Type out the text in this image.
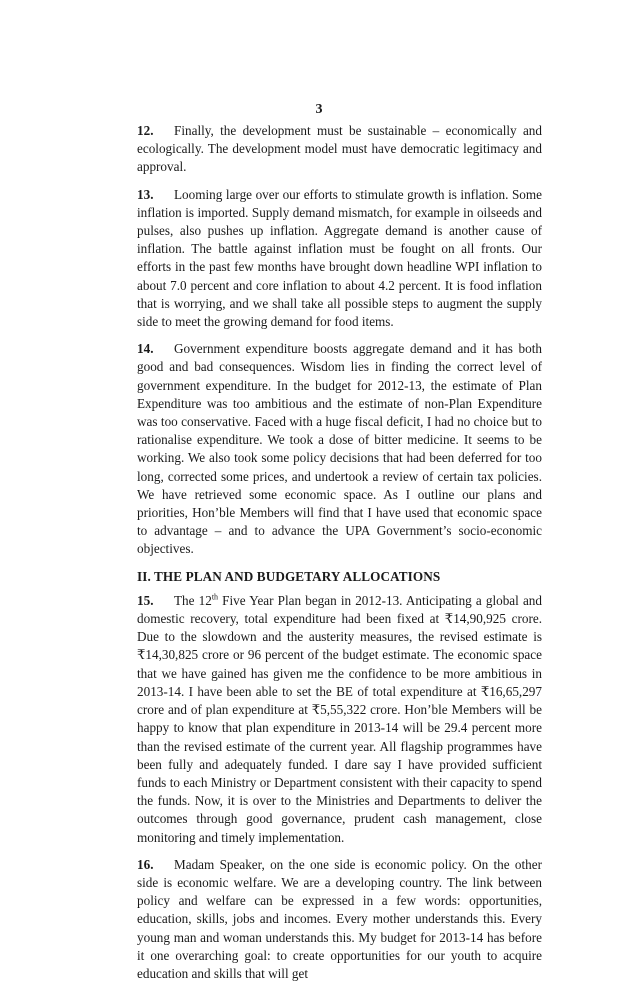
3

12. Finally, the development must be sustainable – economically and ecologically. The development model must have democratic legitimacy and approval.

13. Looming large over our efforts to stimulate growth is inflation. Some inflation is imported. Supply demand mismatch, for example in oilseeds and pulses, also pushes up inflation. Aggregate demand is another cause of inflation. The battle against inflation must be fought on all fronts. Our efforts in the past few months have brought down headline WPI inflation to about 7.0 percent and core inflation to about 4.2 percent. It is food inflation that is worrying, and we shall take all possible steps to augment the supply side to meet the growing demand for food items.

14. Government expenditure boosts aggregate demand and it has both good and bad consequences. Wisdom lies in finding the correct level of government expenditure. In the budget for 2012-13, the estimate of Plan Expenditure was too ambitious and the estimate of non-Plan Expenditure was too conservative. Faced with a huge fiscal deficit, I had no choice but to rationalise expenditure. We took a dose of bitter medicine. It seems to be working. We also took some policy decisions that had been deferred for too long, corrected some prices, and undertook a review of certain tax policies. We have retrieved some economic space. As I outline our plans and priorities, Hon’ble Members will find that I have used that economic space to advantage – and to advance the UPA Government’s socio-economic objectives.

II. THE PLAN AND BUDGETARY ALLOCATIONS

15. The 12th Five Year Plan began in 2012-13. Anticipating a global and domestic recovery, total expenditure had been fixed at ₹14,90,925 crore. Due to the slowdown and the austerity measures, the revised estimate is ₹14,30,825 crore or 96 percent of the budget estimate. The economic space that we have gained has given me the confidence to be more ambitious in 2013-14. I have been able to set the BE of total expenditure at ₹16,65,297 crore and of plan expenditure at ₹5,55,322 crore. Hon’ble Members will be happy to know that plan expenditure in 2013-14 will be 29.4 percent more than the revised estimate of the current year. All flagship programmes have been fully and adequately funded. I dare say I have provided sufficient funds to each Ministry or Department consistent with their capacity to spend the funds. Now, it is over to the Ministries and Departments to deliver the outcomes through good governance, prudent cash management, close monitoring and timely implementation.

16. Madam Speaker, on the one side is economic policy. On the other side is economic welfare. We are a developing country. The link between policy and welfare can be expressed in a few words: opportunities, education, skills, jobs and incomes. Every mother understands this. Every young man and woman understands this. My budget for 2013-14 has before it one overarching goal: to create opportunities for our youth to acquire education and skills that will get
